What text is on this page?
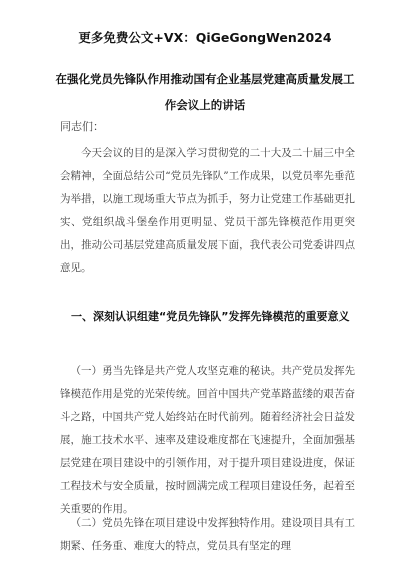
更多免费公文+VX：QiGeGongWen2024
在强化党员先锋队作用推动国有企业基层党建高质量发展工作会议上的讲话
同志们：
今天会议的目的是深入学习贯彻党的二十大及二十届三中全会精神，全面总结公司“党员先锋队”工作成果，以党员率先垂范为举措，以施工现场重大节点为抓手，努力让党建工作基础更扎实、党组织战斗堡垒作用更明显、党员干部先锋模范作用更突出，推动公司基层党建高质量发展下面，我代表公司党委讲四点意见。
一、深刻认识组建“党员先锋队”发挥先锋模范的重要意义
（一）勇当先锋是共产党人攻坚克难的秘诀。共产党员发挥先锋模范作用是党的光荣传统。回首中国共产党革路蓝缕的艰苦奋斗之路，中国共产党人始终站在时代前列。随着经济社会日益发展，施工技术水平、速率及建设难度都在飞速提升，全面加强基层党建在项目建设中的引领作用，对于提升项目建设进度，保证工程技术与安全质量，按时圆满完成工程项目建设任务，起着至关重要的作用。
（二）党员先锋在项目建设中发挥独特作用。建设项目具有工期紧、任务重、难度大的特点，党员具有坚定的理
